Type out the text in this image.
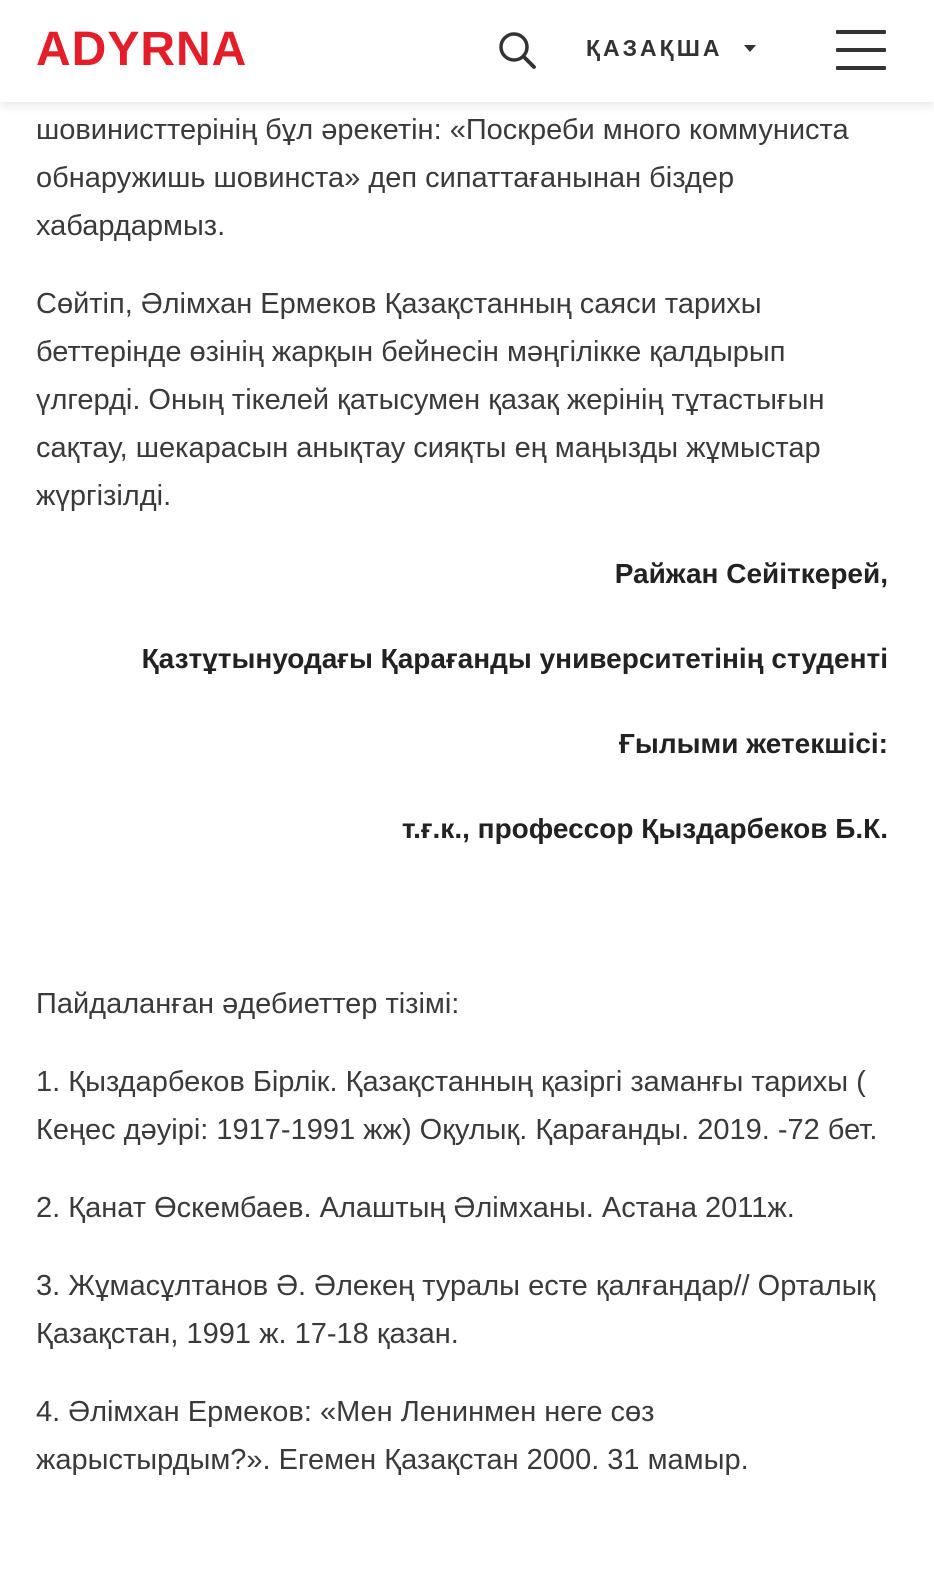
ADYRNA	ҚАЗАҚША

шовинисттерінің бұл әрекетін: «Поскреби много коммуниста обнаружишь шовинста» деп сипаттағанынан біздер хабардармыз.

Сөйтіп, Әлімхан Ермеков Қазақстанның саяси тарихы беттерінде өзінің жарқын бейнесін мәңгілікке қалдырып үлгерді. Оның тікелей қатысумен қазақ жерінің тұтастығын сақтау, шекарасын анықтау сияқты ең маңызды жұмыстар жүргізілді.

Райжан Сейіткерей,

Қазтұтынуодағы Қарағанды университетінің студенті

Ғылыми жетекшісі:

т.ғ.к., профессор Қыздарбеков Б.К.

Пайдаланған әдебиеттер тізімі:

1. Қыздарбеков Бірлік. Қазақстанның қазіргі заманғы тарихы ( Кеңес дәуірі: 1917-1991 жж) Оқулық. Қарағанды. 2019. -72 бет.

2. Қанат Өскембаев. Алаштың Әлімханы. Астана 2011ж.

3. Жұмасұлтанов Ә. Әлекең туралы есте қалғандар// Орталық Қазақстан, 1991 ж. 17-18 қазан.

4. Әлімхан Ермеков: «Мен Ленинмен неге сөз жарыстырдым?». Егемен Қазақстан 2000. 31 мамыр.
